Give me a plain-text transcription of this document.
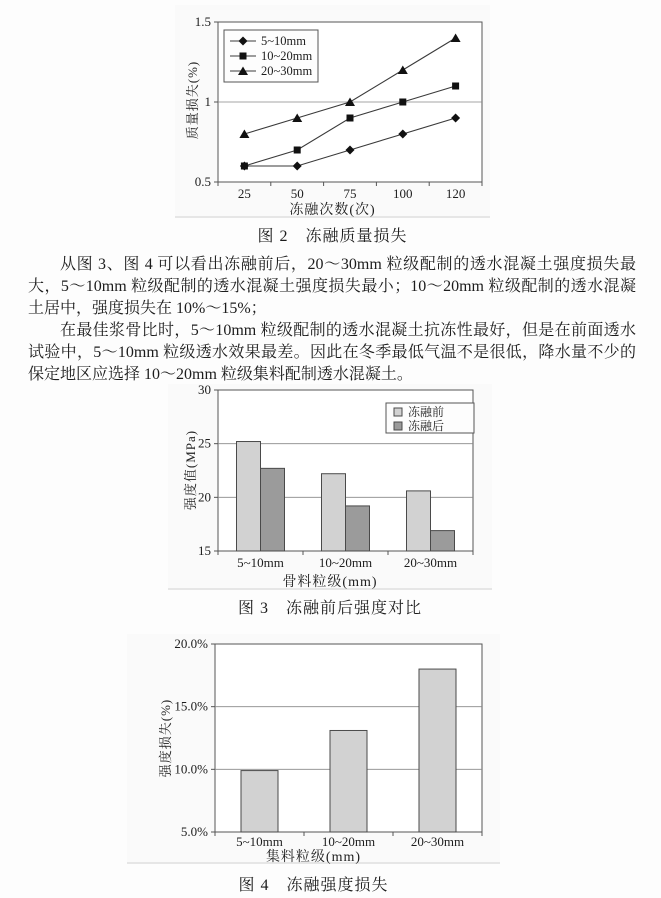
质量损失(%)
0.5
1
1.5
25	50	75	100	120
5~10mm
10~20mm
20~30mm
冻融次数(次)
图 2　冻融质量损失

从图 3、图 4 可以看出冻融前后，20～30mm 粒级配制的透水混凝土强度损失最大，5～10mm 粒级配制的透水混凝土强度损失最小；10～20mm 粒级配制的透水混凝土居中，强度损失在 10%～15%；

在最佳浆骨比时，5～10mm 粒级配制的透水混凝土抗冻性最好，但是在前面透水试验中，5～10mm 粒级透水效果最差。因此在冬季最低气温不是很低，降水量不少的保定地区应选择 10～20mm 粒级集料配制透水混凝土。

强度值(MPa)
15
20
25
30
5~10mm	10~20mm 20~30mm
冻融前
冻融后
骨料粒级(mm)
图 3　冻融前后强度对比
强度损失(%)
5.0%
10.0%
15.0%
20.0%
5~10mm	10~20mm	20~30mm
集料粒级(mm)
图 4　冻融强度损失
